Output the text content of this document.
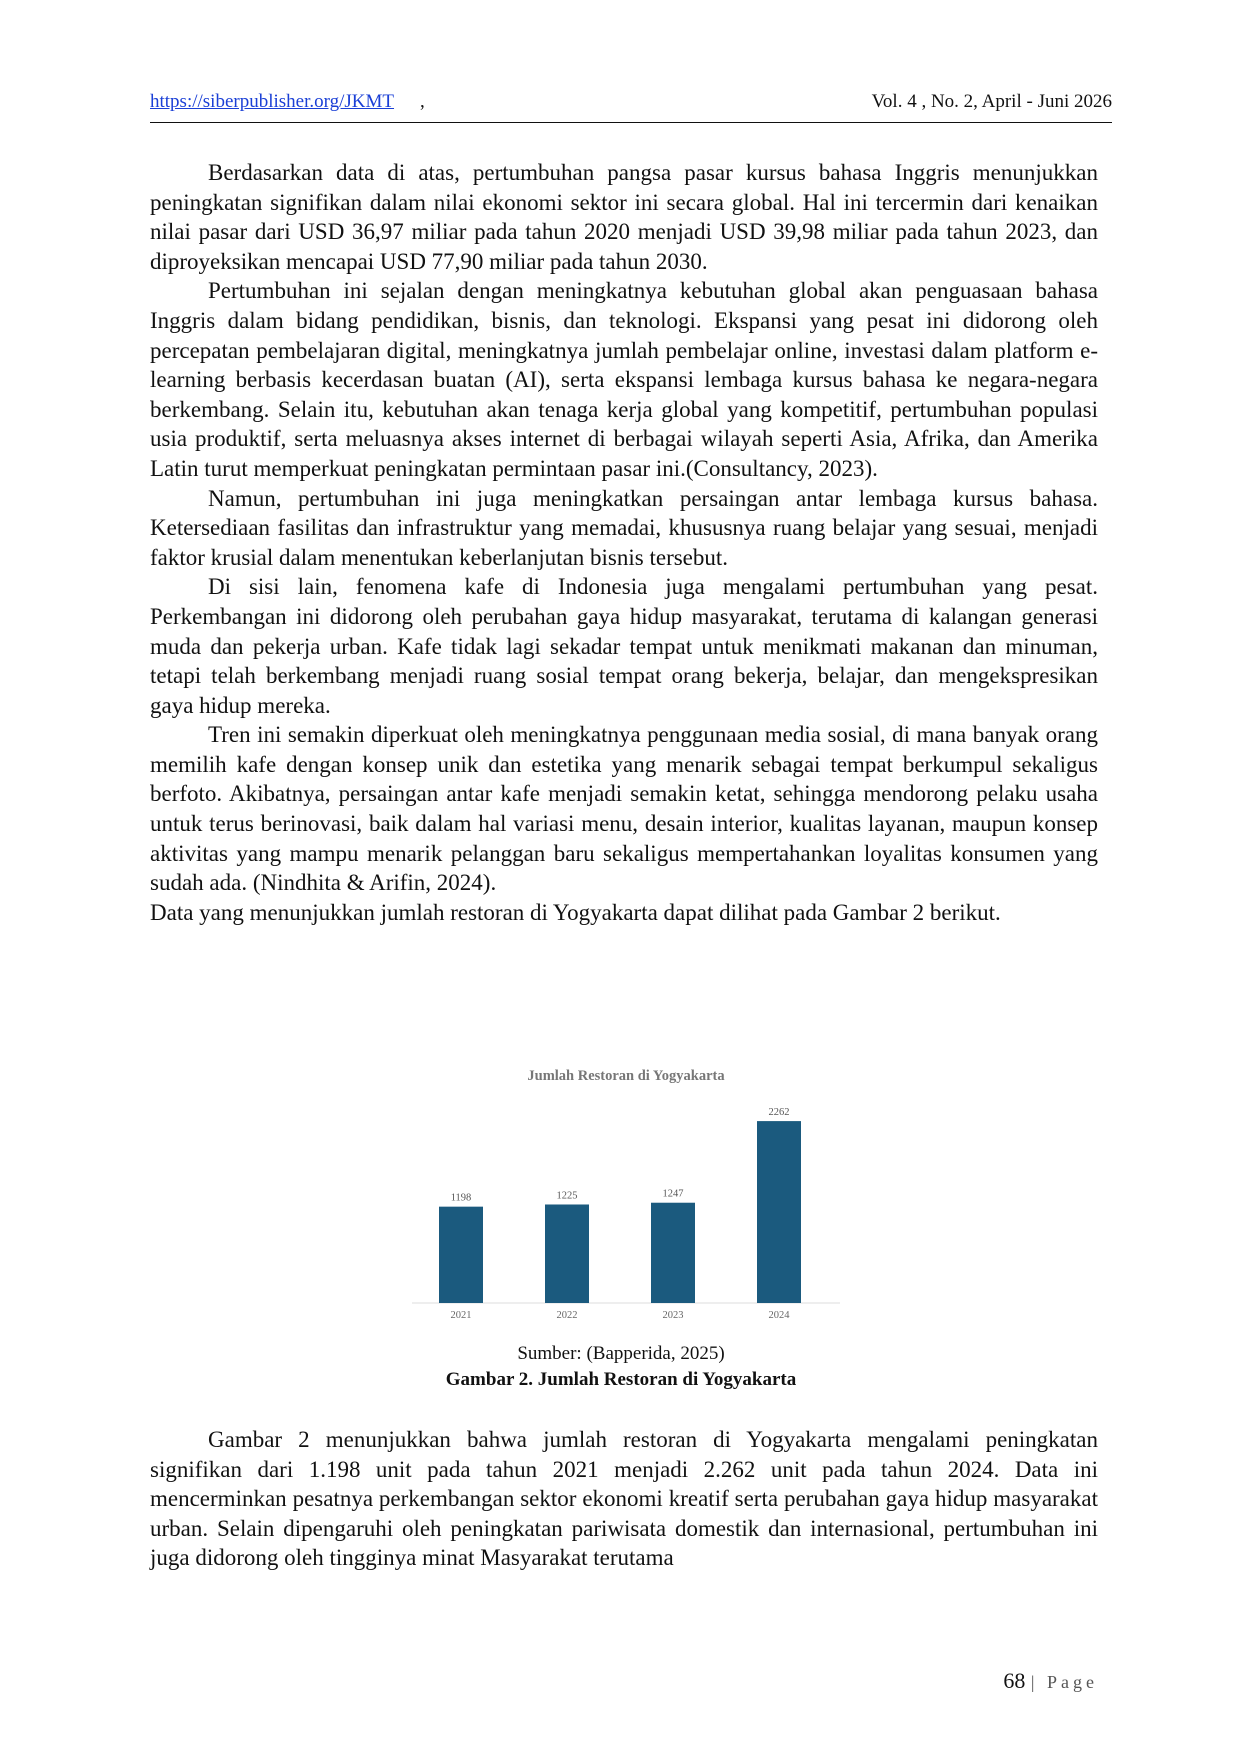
https://siberpublisher.org/JKMT ,	Vol. 4 , No. 2, April - Juni 2026

Berdasarkan data di atas, pertumbuhan pangsa pasar kursus bahasa Inggris menunjukkan peningkatan signifikan dalam nilai ekonomi sektor ini secara global. Hal ini tercermin dari kenaikan nilai pasar dari USD 36,97 miliar pada tahun 2020 menjadi USD 39,98 miliar pada tahun 2023, dan diproyeksikan mencapai USD 77,90 miliar pada tahun 2030.

Pertumbuhan ini sejalan dengan meningkatnya kebutuhan global akan penguasaan bahasa Inggris dalam bidang pendidikan, bisnis, dan teknologi. Ekspansi yang pesat ini didorong oleh percepatan pembelajaran digital, meningkatnya jumlah pembelajar online, investasi dalam platform e-learning berbasis kecerdasan buatan (AI), serta ekspansi lembaga kursus bahasa ke negara-negara berkembang. Selain itu, kebutuhan akan tenaga kerja global yang kompetitif, pertumbuhan populasi usia produktif, serta meluasnya akses internet di berbagai wilayah seperti Asia, Afrika, dan Amerika Latin turut memperkuat peningkatan permintaan pasar ini.(Consultancy, 2023).

Namun, pertumbuhan ini juga meningkatkan persaingan antar lembaga kursus bahasa. Ketersediaan fasilitas dan infrastruktur yang memadai, khususnya ruang belajar yang sesuai, menjadi faktor krusial dalam menentukan keberlanjutan bisnis tersebut.

Di sisi lain, fenomena kafe di Indonesia juga mengalami pertumbuhan yang pesat. Perkembangan ini didorong oleh perubahan gaya hidup masyarakat, terutama di kalangan generasi muda dan pekerja urban. Kafe tidak lagi sekadar tempat untuk menikmati makanan dan minuman, tetapi telah berkembang menjadi ruang sosial tempat orang bekerja, belajar, dan mengekspresikan gaya hidup mereka.

Tren ini semakin diperkuat oleh meningkatnya penggunaan media sosial, di mana banyak orang memilih kafe dengan konsep unik dan estetika yang menarik sebagai tempat berkumpul sekaligus berfoto. Akibatnya, persaingan antar kafe menjadi semakin ketat, sehingga mendorong pelaku usaha untuk terus berinovasi, baik dalam hal variasi menu, desain interior, kualitas layanan, maupun konsep aktivitas yang mampu menarik pelanggan baru sekaligus mempertahankan loyalitas konsumen yang sudah ada. (Nindhita & Arifin, 2024).

Data yang menunjukkan jumlah restoran di Yogyakarta dapat dilihat pada Gambar 2 berikut.

Jumlah Restoran di Yogyakarta
1198
2021
1225
2022
1247
2023
2262
2024
Sumber: (Bapperida, 2025)
Gambar 2. Jumlah Restoran di Yogyakarta

Gambar 2 menunjukkan bahwa jumlah restoran di Yogyakarta mengalami peningkatan signifikan dari 1.198 unit pada tahun 2021 menjadi 2.262 unit pada tahun 2024. Data ini mencerminkan pesatnya perkembangan sektor ekonomi kreatif serta perubahan gaya hidup masyarakat urban. Selain dipengaruhi oleh peningkatan pariwisata domestik dan internasional, pertumbuhan ini juga didorong oleh tingginya minat Masyarakat terutama

68 | Page
